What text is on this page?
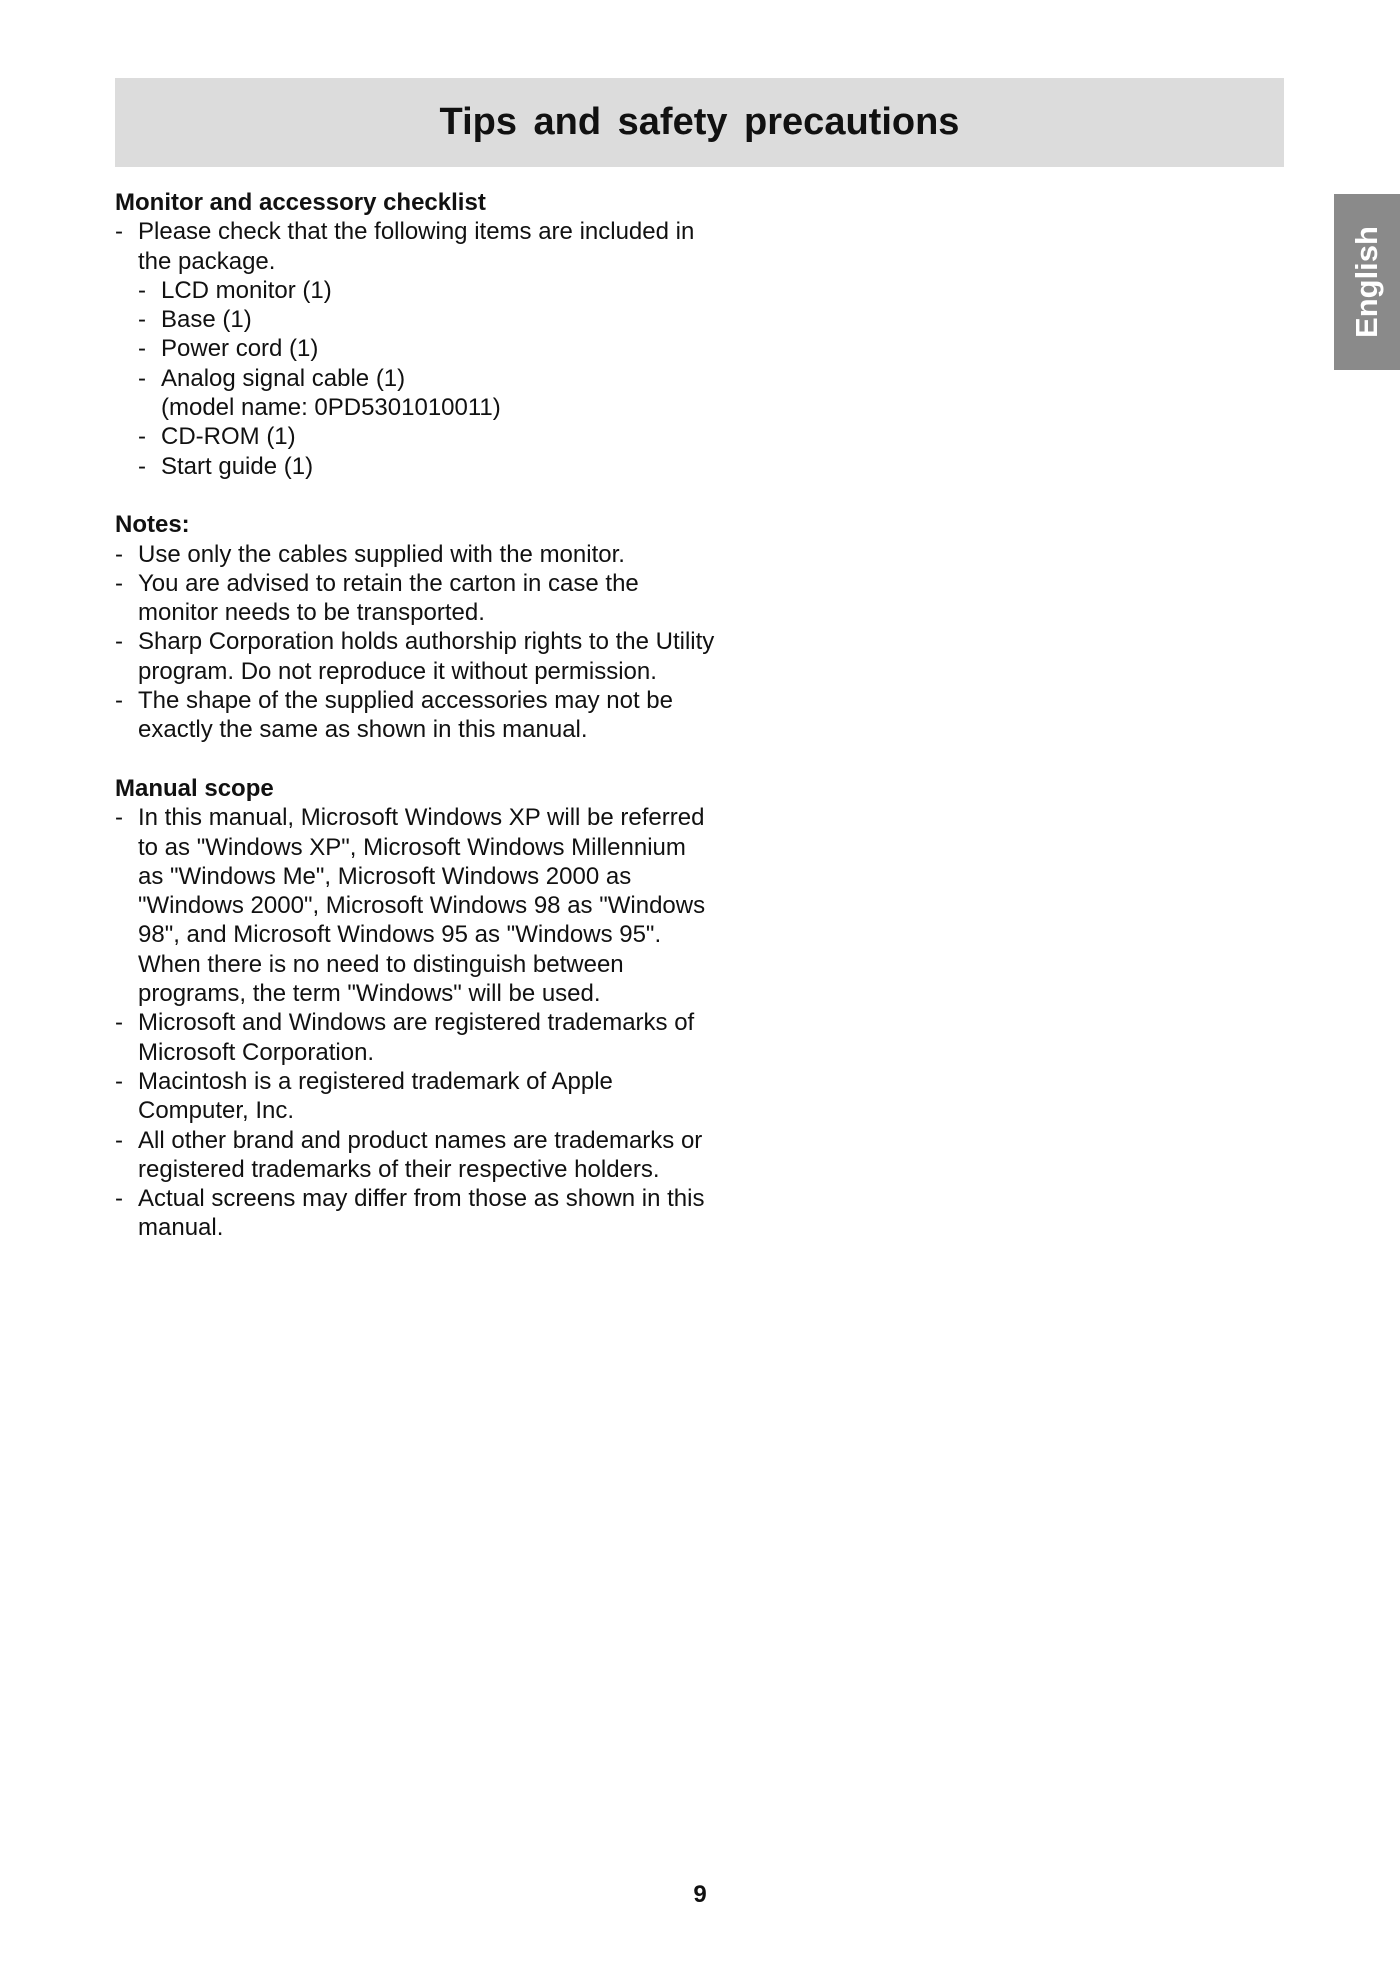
Tips and safety precautions
English
Monitor and accessory checklist
- Please check that the following items are included in the package.
- LCD monitor (1)
- Base (1)
- Power cord (1)
- Analog signal cable (1)
(model name: 0PD5301010011)
- CD-ROM (1)
- Start guide (1)
Notes:
- Use only the cables supplied with the monitor.
- You are advised to retain the carton in case the monitor needs to be transported.
- Sharp Corporation holds authorship rights to the Utility program. Do not reproduce it without permission.
- The shape of the supplied accessories may not be exactly the same as shown in this manual.
Manual scope
- In this manual, Microsoft Windows XP will be referred to as "Windows XP", Microsoft Windows Millennium as "Windows Me", Microsoft Windows 2000 as "Windows 2000", Microsoft Windows 98 as "Windows 98", and Microsoft Windows 95 as "Windows 95". When there is no need to distinguish between programs, the term "Windows" will be used.
- Microsoft and Windows are registered trademarks of Microsoft Corporation.
- Macintosh is a registered trademark of Apple Computer, Inc.
- All other brand and product names are trademarks or registered trademarks of their respective holders.
- Actual screens may differ from those as shown in this manual.
9
